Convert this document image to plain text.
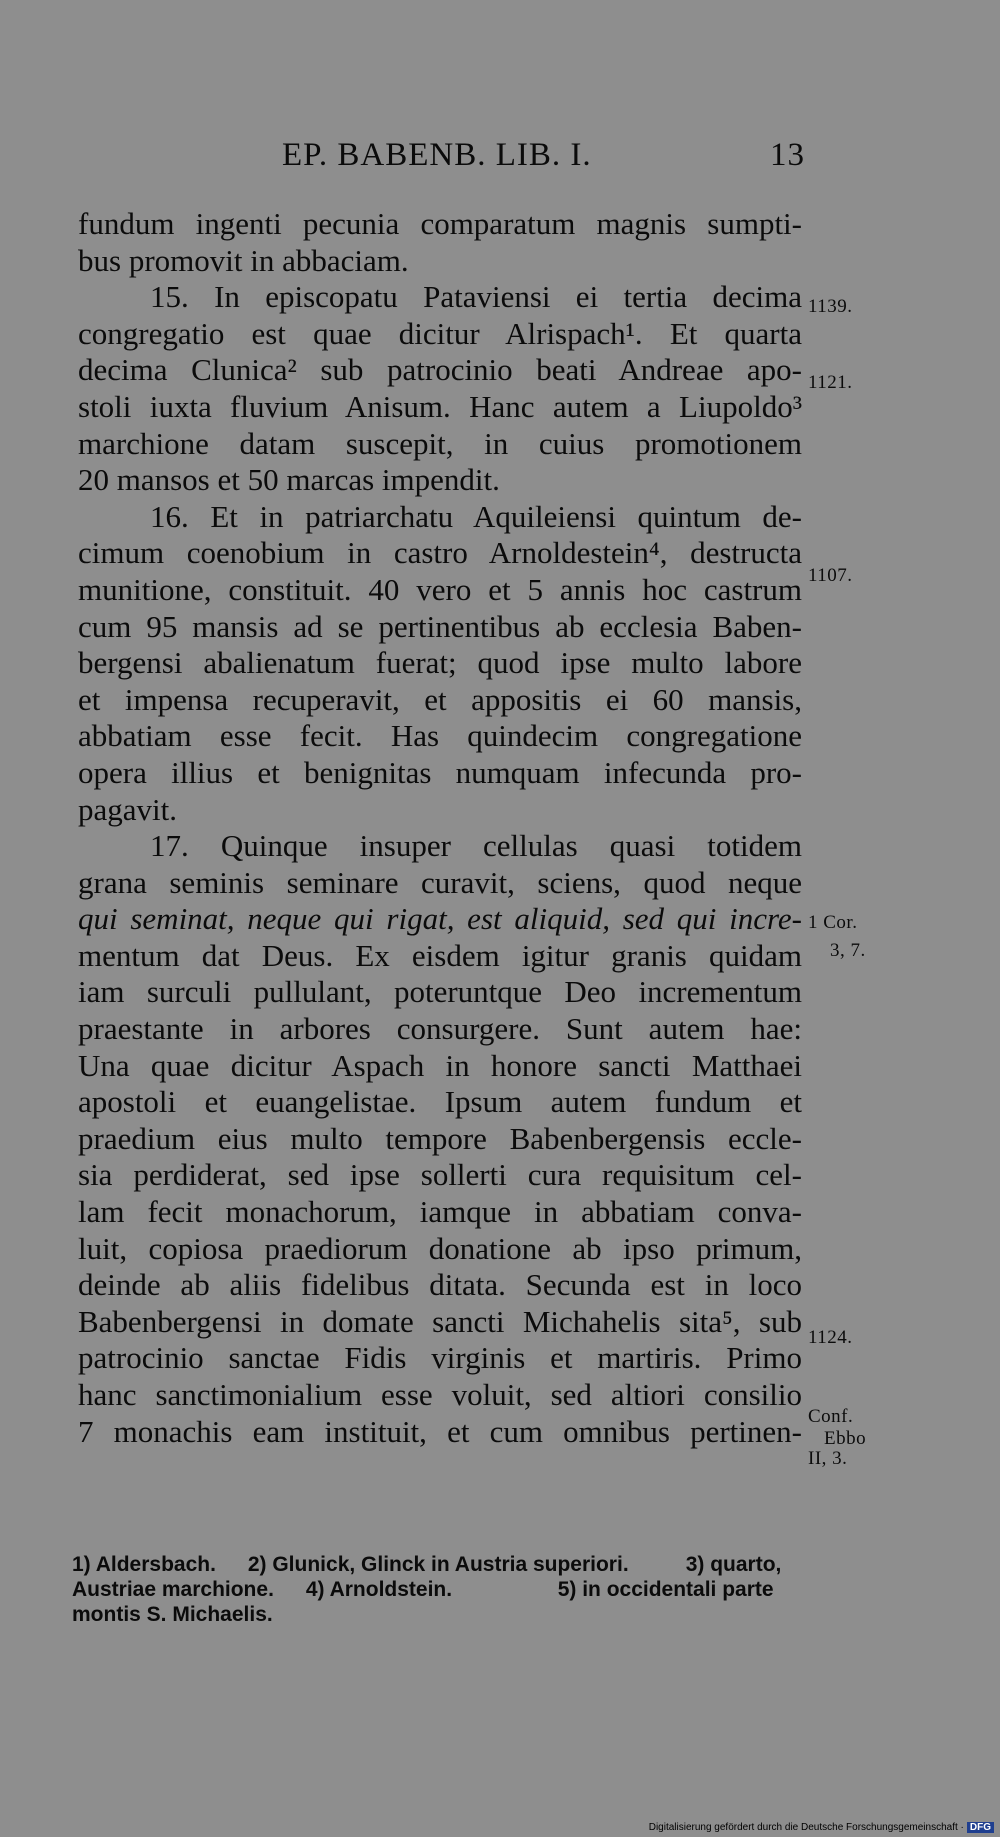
EP. BABENB. LIB. I.	13
fundum ingenti pecunia comparatum magnis sumpti-
bus promovit in abbaciam.
15. In episcopatu Pataviensi ei tertia decima
congregatio est quae dicitur Alrispach¹. Et quarta
decima Clunica² sub patrocinio beati Andreae apo-
stoli iuxta fluvium Anisum. Hanc autem a Liupoldo³
marchione datam suscepit, in cuius promotionem
20 mansos et 50 marcas impendit.
16. Et in patriarchatu Aquileiensi quintum de-
cimum coenobium in castro Arnoldestein⁴, destructa
munitione, constituit. 40 vero et 5 annis hoc castrum
cum 95 mansis ad se pertinentibus ab ecclesia Baben-
bergensi abalienatum fuerat; quod ipse multo labore
et impensa recuperavit, et appositis ei 60 mansis,
abbatiam esse fecit. Has quindecim congregatione
opera illius et benignitas numquam infecunda pro-
pagavit.
17. Quinque insuper cellulas quasi totidem
grana seminis seminare curavit, sciens, quod neque
qui seminat, neque qui rigat, est aliquid, sed qui incre-
mentum dat Deus. Ex eisdem igitur granis quidam
iam surculi pullulant, poteruntque Deo incrementum
praestante in arbores consurgere. Sunt autem hae:
Una quae dicitur Aspach in honore sancti Matthaei
apostoli et euangelistae. Ipsum autem fundum et
praedium eius multo tempore Babenbergensis eccle-
sia perdiderat, sed ipse sollerti cura requisitum cel-
lam fecit monachorum, iamque in abbatiam conva-
luit, copiosa praediorum donatione ab ipso primum,
deinde ab aliis fidelibus ditata. Secunda est in loco
Babenbergensi in domate sancti Michahelis sita⁵, sub
patrocinio sanctae Fidis virginis et martiris. Primo
hanc sanctimonialium esse voluit, sed altiori consilio
7 monachis eam instituit, et cum omnibus pertinen-
1139.
1121.
1107.
1 Cor.
3, 7.
1124.
Conf.
Ebbo
II, 3.
1) Aldersbach. 2) Glunick, Glinck in Austria superiori.	3) quarto,
Austriae marchione. 4) Arnoldstein.	5) in occidentali parte
montis S. Michaelis.
Digitalisierung gefördert durch die Deutsche Forschungsgemeinschaft · DFG
